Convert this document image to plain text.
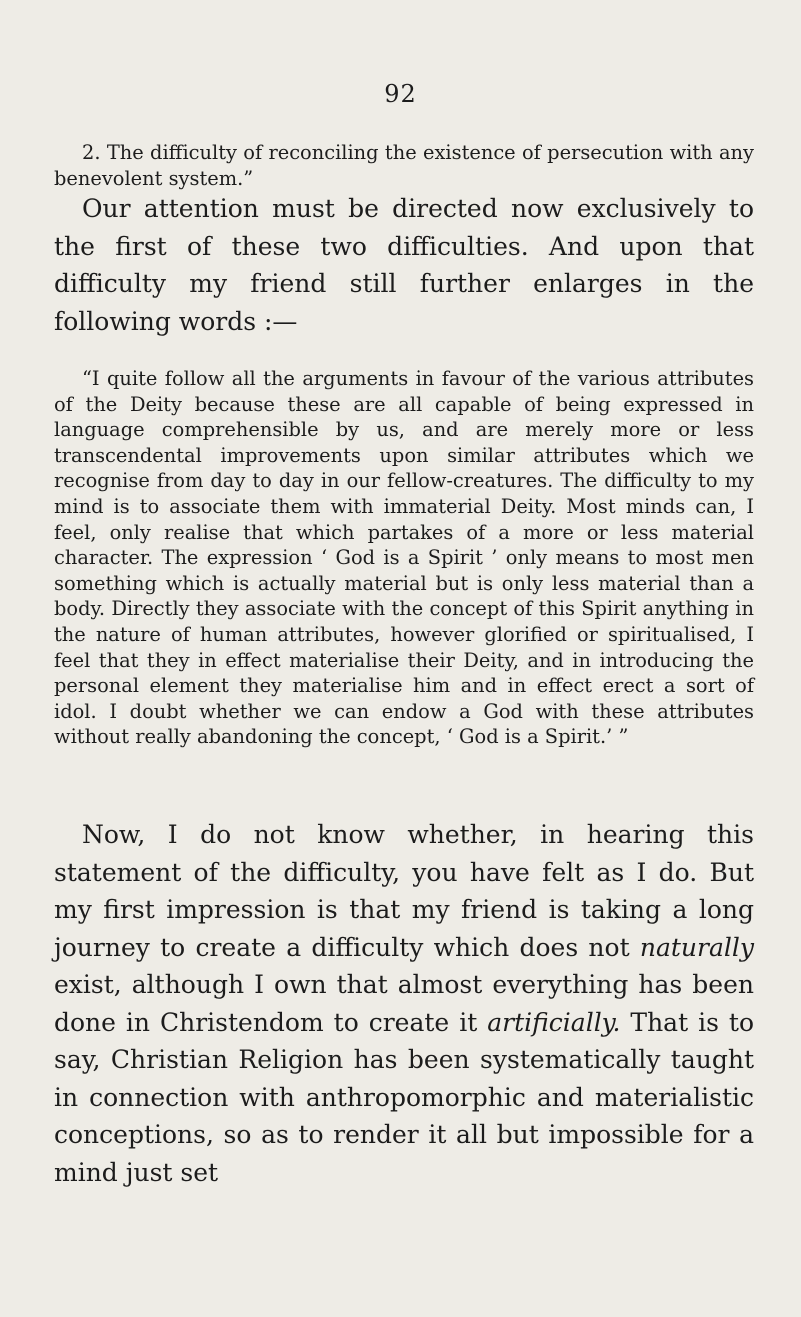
92

2. The difficulty of reconciling the existence of persecution with any benevolent system.”

Our attention must be directed now exclusively to the first of these two difficulties. And upon that difficulty my friend still further enlarges in the following words :—

“I quite follow all the arguments in favour of the various attributes of the Deity because these are all capable of being expressed in language comprehensible by us, and are merely more or less transcendental improvements upon similar attributes which we recognise from day to day in our fellow-creatures. The difficulty to my mind is to associate them with immaterial Deity. Most minds can, I feel, only realise that which partakes of a more or less material character. The expression ‘ God is a Spirit ’ only means to most men something which is actually material but is only less material than a body. Directly they associate with the concept of this Spirit anything in the nature of human attributes, however glorified or spiritualised, I feel that they in effect materialise their Deity, and in introducing the personal element they materialise him and in effect erect a sort of idol. I doubt whether we can endow a God with these attributes without really abandoning the concept, ‘ God is a Spirit.’ ”

Now, I do not know whether, in hearing this statement of the difficulty, you have felt as I do. But my first impression is that my friend is taking a long journey to create a difficulty which does not naturally exist, although I own that almost everything has been done in Christendom to create it artificially. That is to say, Christian Religion has been systematically taught in connection with anthropomorphic and materialistic conceptions, so as to render it all but impossible for a mind just set
